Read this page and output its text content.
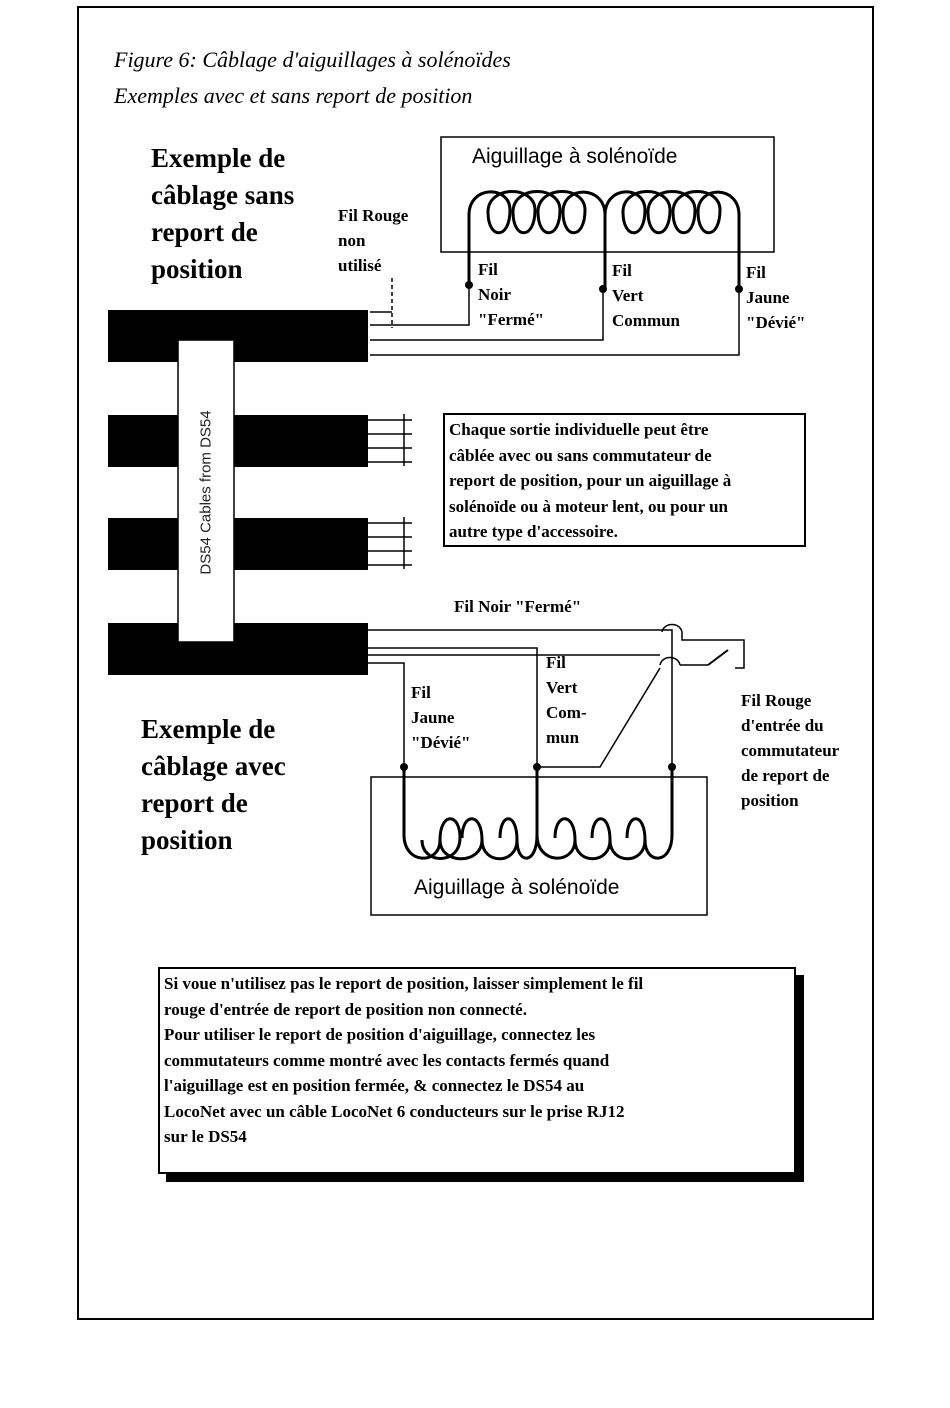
Figure 6: Câblage d'aiguillages à solénoïdes
Exemples avec et sans report de position
Exemple de
câblage sans
report de
position
Aiguillage à solénoïde
Fil Rouge
non
utilisé	Fil
Noir
"Fermé"
Fil
Vert
Commun
Fil
Jaune
"Dévié"
DS54 Cables from DS54	Chaque sortie individuelle peut être
câblée avec ou sans commutateur de
report de position, pour un aiguillage à
solénoïde ou à moteur lent, ou pour un
autre type d'accessoire.
Fil Noir "Fermé"
Fil
Vert
Com-
mun
Fil
Jaune
"Dévié"
Fil Rouge
d'entrée du
commutateur
de report de
position
Exemple de
câblage avec
report de
position
Aiguillage à solénoïde
Si voue n'utilisez pas le report de position, laisser simplement le fil
rouge d'entrée de report de position non connecté.
Pour utiliser le report de position d'aiguillage, connectez les
commutateurs comme montré avec les contacts fermés quand
l'aiguillage est en position fermée, & connectez le DS54 au
LocoNet avec un câble LocoNet 6 conducteurs sur le prise RJ12
sur le DS54
